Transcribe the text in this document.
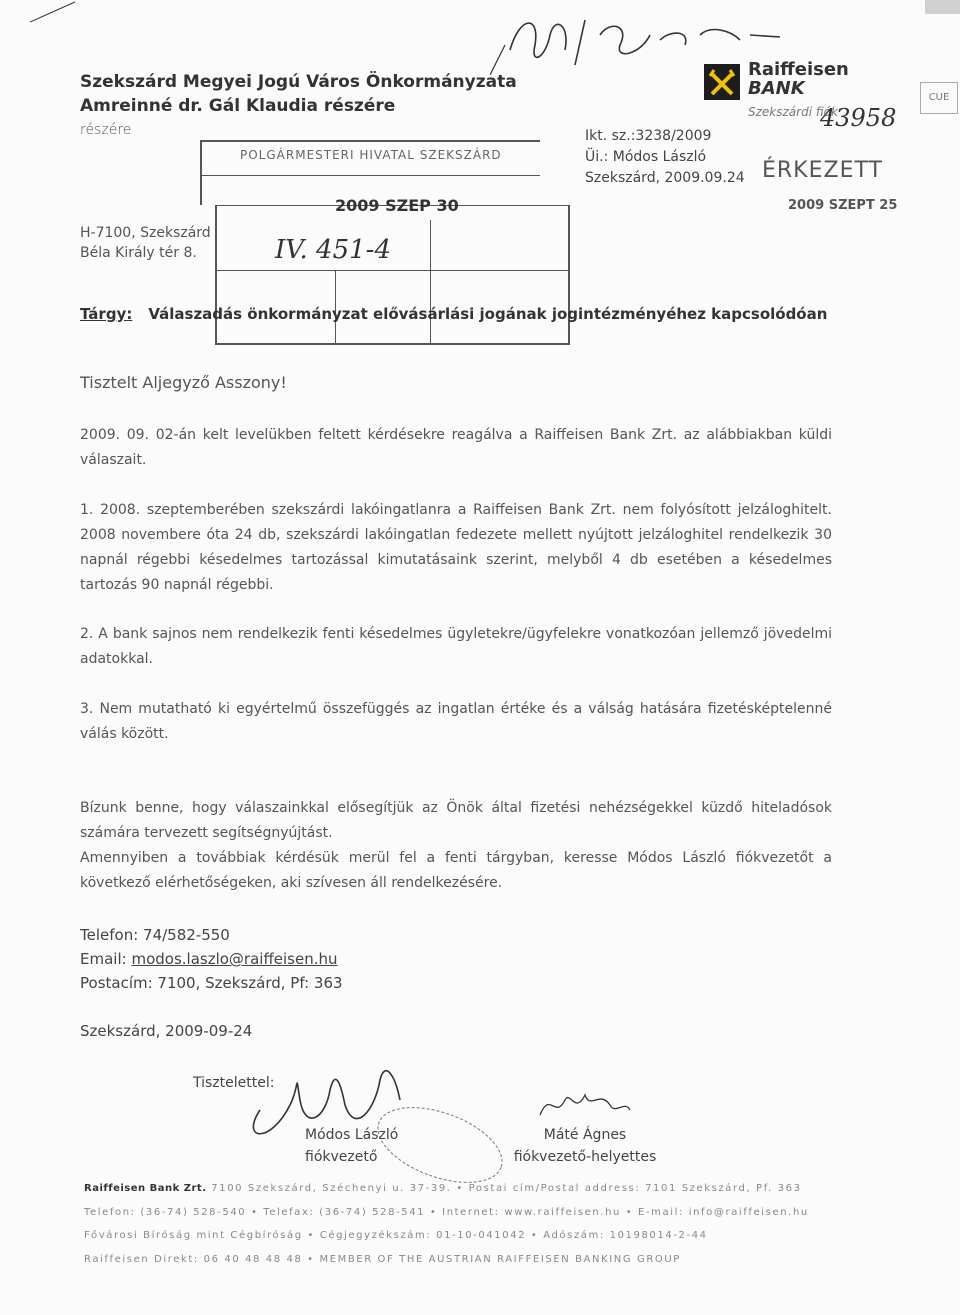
Szekszárd Megyei Jogú Város Önkormányzata
Amreinné dr. Gál Klaudia részére
részére
H-7100, Szekszárd
Béla Király tér 8.
Raiffeisen
BANK
Szekszárdi fiók
CUE
Ikt. sz.:3238/2009
Üi.: Módos László
Szekszárd, 2009.09.24
43958
ÉRKEZETT
2009 SZEPT 25
POLGÁRMESTERI HIVATAL SZEKSZÁRD
2009 SZEP 30
IV. 451-4
Tárgy: Válaszadás önkormányzat elővásárlási jogának jogintézményéhez kapcsolódóan
Tisztelt Aljegyző Asszony!
2009. 09. 02-án kelt levelükben feltett kérdésekre reagálva a Raiffeisen Bank Zrt. az alábbiakban küldi válaszait.
1. 2008. szeptemberében szekszárdi lakóingatlanra a Raiffeisen Bank Zrt. nem folyósított jelzáloghitelt. 2008 novembere óta 24 db, szekszárdi lakóingatlan fedezete mellett nyújtott jelzáloghitel rendelkezik 30 napnál régebbi késedelmes tartozással kimutatásaink szerint, melyből 4 db esetében a késedelmes tartozás 90 napnál régebbi.
2. A bank sajnos nem rendelkezik fenti késedelmes ügyletekre/ügyfelekre vonatkozóan jellemző jövedelmi adatokkal.
3. Nem mutatható ki egyértelmű összefüggés az ingatlan értéke és a válság hatására fizetésképtelenné válás között.
Bízunk benne, hogy válaszainkkal elősegítjük az Önök által fizetési nehézségekkel küzdő hiteladósok számára tervezett segítségnyújtást.
Amennyiben a továbbiak kérdésük merül fel a fenti tárgyban, keresse Módos László fiókvezetőt a következő elérhetőségeken, aki szívesen áll rendelkezésére.
Telefon: 74/582-550
Email: modos.laszlo@raiffeisen.hu
Postacím: 7100, Szekszárd, Pf: 363
Szekszárd, 2009-09-24
Tisztelettel:
Módos László
fiókvezető
Máté Ágnes
fiókvezető-helyettes
Raiffeisen Bank Zrt. 7100 Szekszárd, Széchenyi u. 37-39. • Postai cím/Postal address: 7101 Szekszárd, Pf. 363
Telefon: (36-74) 528-540 • Telefax: (36-74) 528-541 • Internet: www.raiffeisen.hu • E-mail: info@raiffeisen.hu
Fővárosi Bíróság mint Cégbíróság • Cégjegyzékszám: 01-10-041042 • Adószám: 10198014-2-44
Raiffeisen Direkt: 06 40 48 48 48 • MEMBER OF THE AUSTRIAN RAIFFEISEN BANKING GROUP
